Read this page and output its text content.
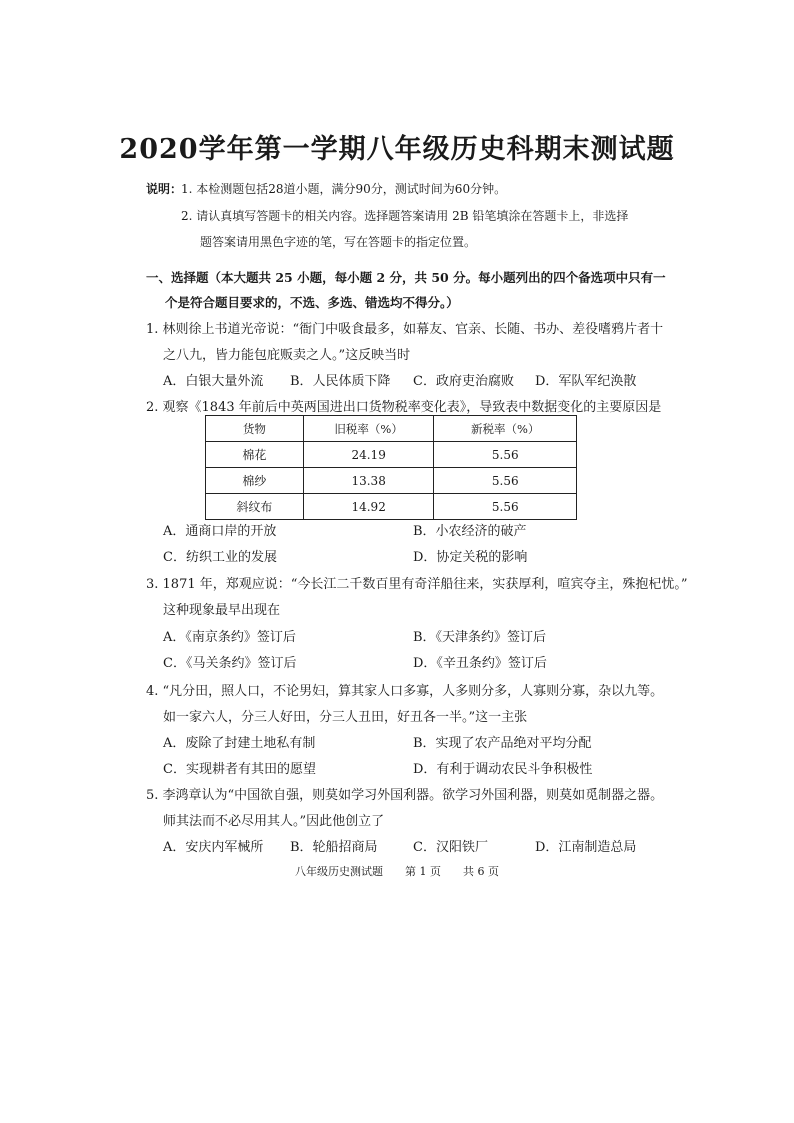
2020学年第一学期八年级历史科期末测试题
说明：
1. 本检测题包括28道小题，满分90分，测试时间为60分钟。
2. 请认真填写答题卡的相关内容。选择题答案请用 2B 铅笔填涂在答题卡上，非选择
题答案请用黑色字迹的笔，写在答题卡的指定位置。
一、选择题（本大题共 25 小题，每小题 2 分，共 50 分。每小题列出的四个备选项中只有一
个是符合题目要求的，不选、多选、错选均不得分。）
1. 林则徐上书道光帝说：“衙门中吸食最多，如幕友、官亲、长随、书办、差役嗜鸦片者十
之八九，皆力能包庇贩卖之人。”这反映当时
A．白银大量外流 B．人民体质下降 C．政府吏治腐败 D．军队军纪涣散
2. 观察《1843 年前后中英两国进出口货物税率变化表》，导致表中数据变化的主要原因是
货物	旧税率（%）	新税率（%）
棉花	24.19	5.56
棉纱	13.38	5.56
斜纹布	14.92	5.56
A．通商口岸的开放	B．小农经济的破产
C．纺织工业的发展	D．协定关税的影响
3. 1871 年，郑观应说：“今长江二千数百里有奇洋船往来，实获厚利，喧宾夺主，殊抱杞忧。”
这种现象最早出现在
A．《南京条约》签订后	B．《天津条约》签订后
C．《马关条约》签订后	D．《辛丑条约》签订后
4. “凡分田，照人口，不论男妇，算其家人口多寡，人多则分多，人寡则分寡，杂以九等。
如一家六人，分三人好田，分三人丑田，好丑各一半。”这一主张
A．废除了封建土地私有制	B．实现了农产品绝对平均分配
C．实现耕者有其田的愿望	D．有利于调动农民斗争积极性
5. 李鸿章认为“中国欲自强，则莫如学习外国利器。欲学习外国利器，则莫如觅制器之器。
师其法而不必尽用其人。”因此他创立了
A．安庆内军械所 B．轮船招商局	C．汉阳铁厂	D．江南制造总局
八年级历史测试题　　第 1 页　　共 6 页
